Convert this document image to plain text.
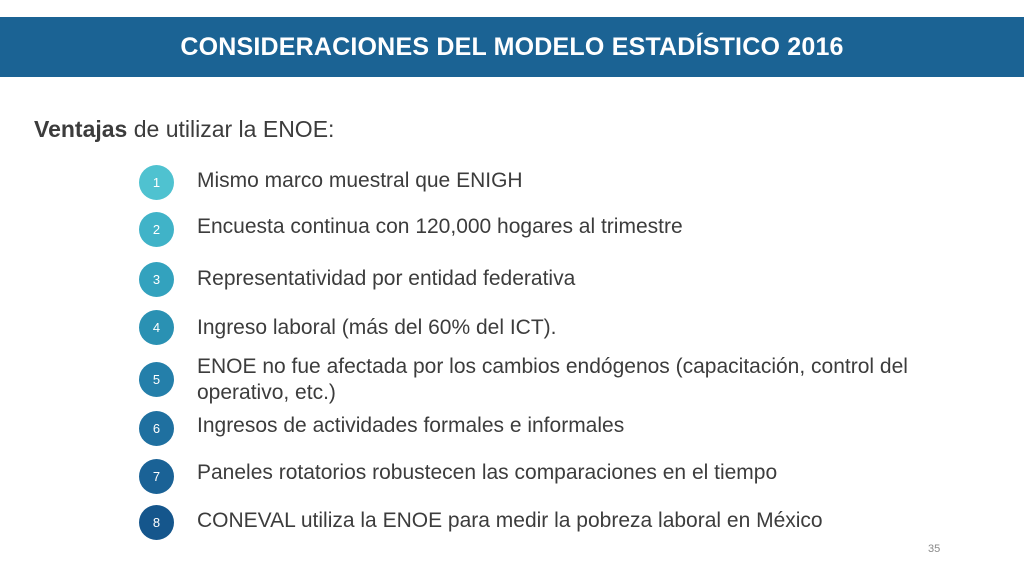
CONSIDERACIONES DEL MODELO ESTADÍSTICO 2016
Ventajas de utilizar la ENOE:
1	Mismo marco muestral que ENIGH
2	Encuesta continua con 120,000 hogares al trimestre
3	Representatividad por entidad federativa
4	Ingreso laboral (más del 60% del ICT).
5
ENOE no fue afectada por los cambios endógenos (capacitación, control del operativo, etc.)
6	Ingresos de actividades formales e informales
7	Paneles rotatorios robustecen las comparaciones en el tiempo
8	CONEVAL utiliza la ENOE para medir la pobreza laboral en México
35
